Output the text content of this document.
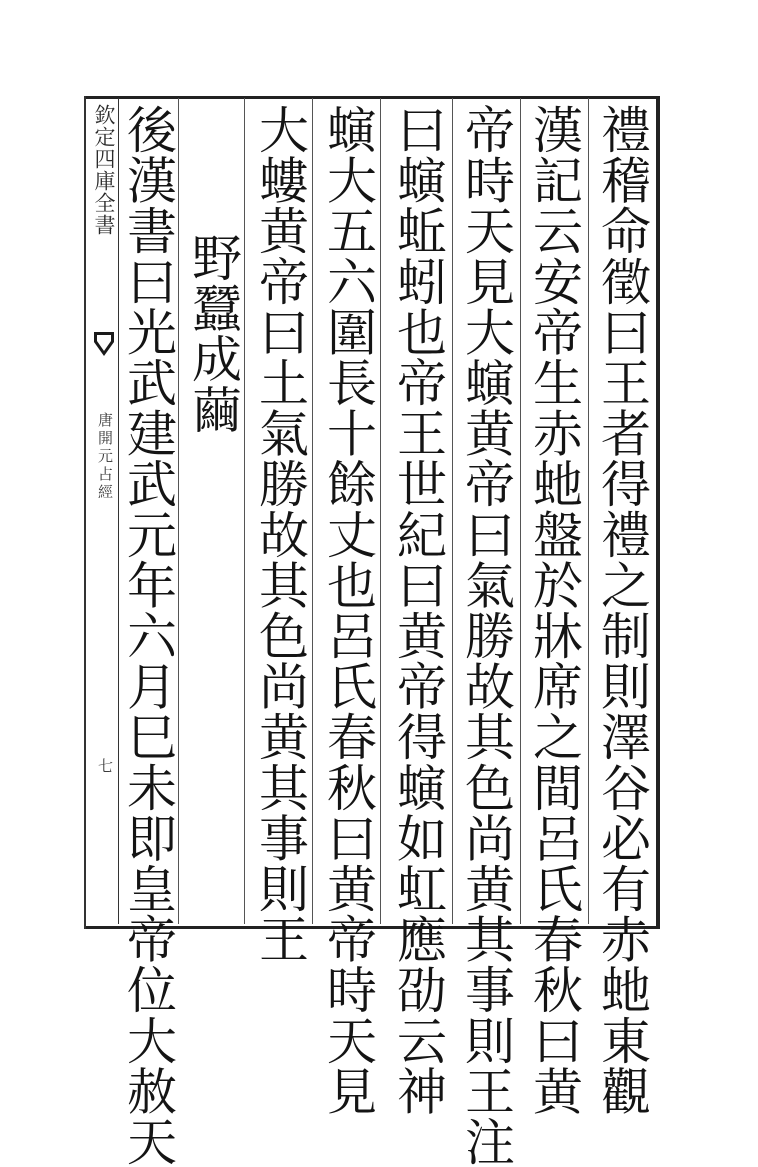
欽定四庫全書
唐開元占經
七	禮稽命徵曰王者得禮之制則澤谷必有赤虵東觀
漢記云安帝生赤虵盤於牀席之間呂氏春秋曰黄
帝時天見大螾黄帝曰氣勝故其色尚黄其事則王注
曰螾蚯蚓也帝王世紀曰黄帝得螾如虹應劭云神
螾大五六圍長十餘丈也呂氏春秋曰黄帝時天見
大螻黄帝曰土氣勝故其色尚黄其事則王
野蠶成繭
後漢書曰光武建武元年六月巳未即皇帝位大赦天
